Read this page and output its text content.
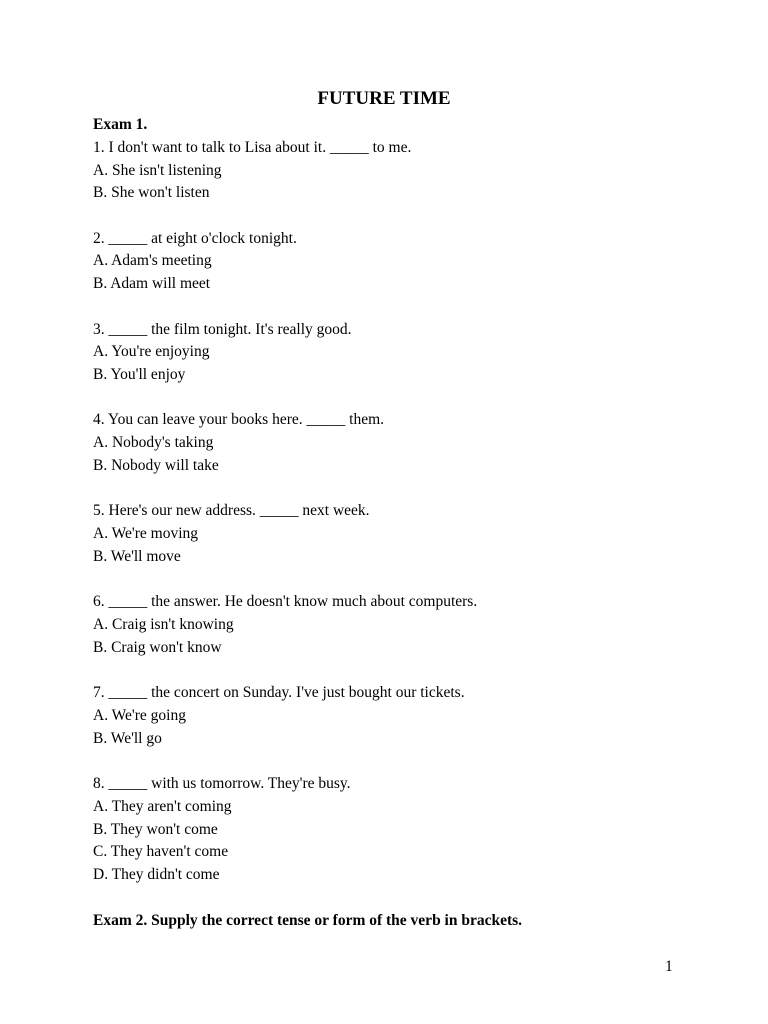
FUTURE TIME
Exam 1.
1. I don't want to talk to Lisa about it. _____ to me.
A. She isn't listening
B. She won't listen
2. _____ at eight o'clock tonight.
A. Adam's meeting
B. Adam will meet
3. _____ the film tonight. It's really good.
A. You're enjoying
B. You'll enjoy
4. You can leave your books here. _____ them.
A. Nobody's taking
B. Nobody will take
5. Here's our new address. _____ next week.
A. We're moving
B. We'll move
6. _____ the answer. He doesn't know much about computers.
A. Craig isn't knowing
B. Craig won't know
7. _____ the concert on Sunday. I've just bought our tickets.
A. We're going
B. We'll go
8. _____ with us tomorrow. They're busy.
A. They aren't coming
B. They won't come
C. They haven't come
D. They didn't come
Exam 2. Supply the correct tense or form of the verb in brackets.
1
